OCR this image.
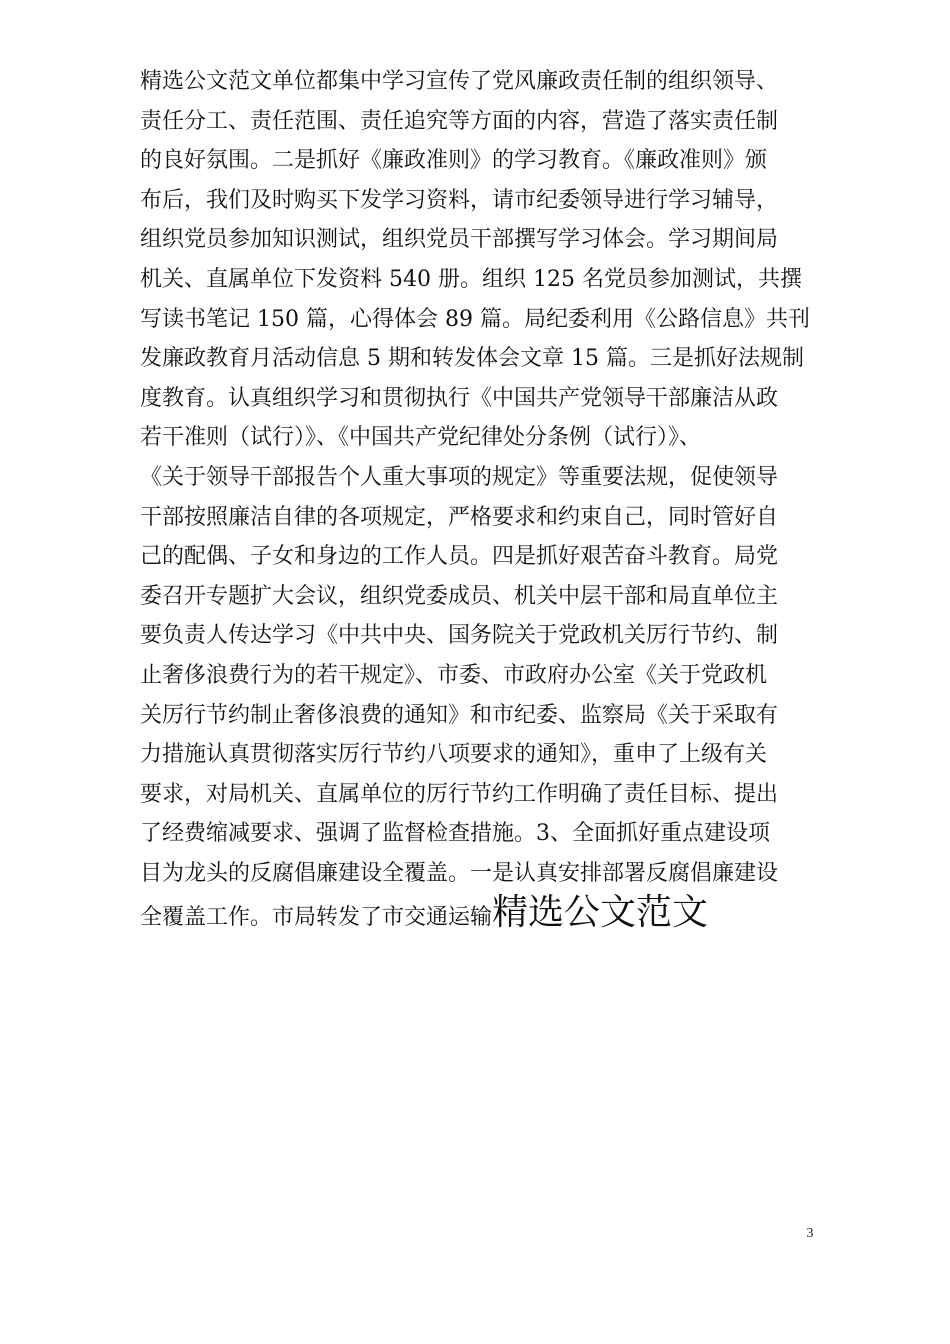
精选公文范文单位都集中学习宣传了党风廉政责任制的组织领导、
责任分工、责任范围、责任追究等方面的内容，营造了落实责任制
的良好氛围。二是抓好《廉政准则》的学习教育。《廉政准则》颁
布后，我们及时购买下发学习资料，请市纪委领导进行学习辅导，
组织党员参加知识测试，组织党员干部撰写学习体会。学习期间局
机关、直属单位下发资料 540 册。组织 125 名党员参加测试，共撰
写读书笔记 150 篇，心得体会 89 篇。局纪委利用《公路信息》共刊
发廉政教育月活动信息 5 期和转发体会文章 15 篇。三是抓好法规制
度教育。认真组织学习和贯彻执行《中国共产党领导干部廉洁从政
若干准则（试行）》、《中国共产党纪律处分条例（试行）》、
《关于领导干部报告个人重大事项的规定》等重要法规，促使领导
干部按照廉洁自律的各项规定，严格要求和约束自己，同时管好自
己的配偶、子女和身边的工作人员。四是抓好艰苦奋斗教育。局党
委召开专题扩大会议，组织党委成员、机关中层干部和局直单位主
要负责人传达学习《中共中央、国务院关于党政机关厉行节约、制
止奢侈浪费行为的若干规定》、市委、市政府办公室《关于党政机
关厉行节约制止奢侈浪费的通知》和市纪委、监察局《关于采取有
力措施认真贯彻落实厉行节约八项要求的通知》，重申了上级有关
要求，对局机关、直属单位的厉行节约工作明确了责任目标、提出
了经费缩减要求、强调了监督检查措施。3、全面抓好重点建设项
目为龙头的反腐倡廉建设全覆盖。一是认真安排部署反腐倡廉建设
全覆盖工作。市局转发了市交通运输精选公文范文
3
